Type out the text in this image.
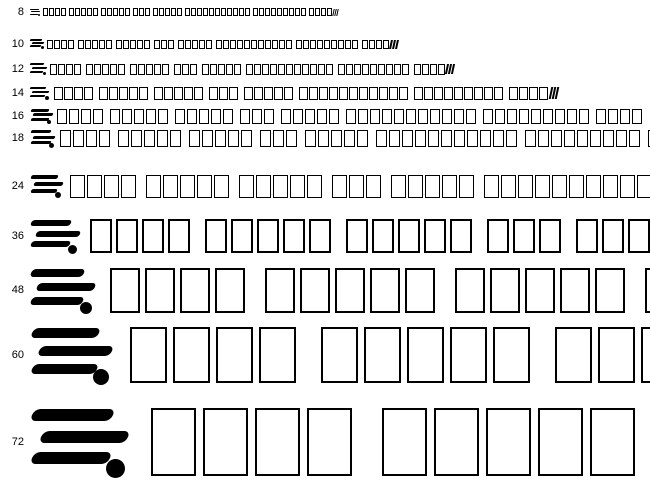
8
10
12
14
16
18
24
36
48
60
72
